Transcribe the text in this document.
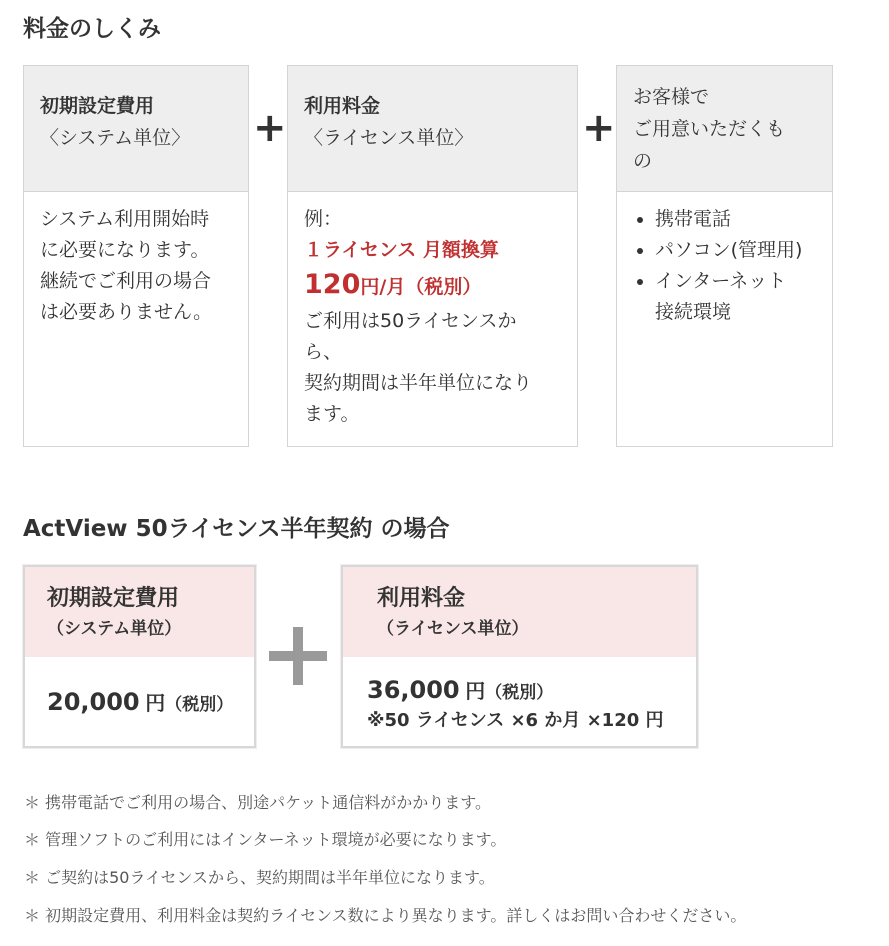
料金のしくみ
初期設定費用
〈システム単位〉
システム利用開始時
に必要になります。
継続でご利用の場合
は必要ありません。
+ 利用料金
〈ライセンス単位〉
例：
１ライセンス 月額換算
120円/月（税別）
ご利用は50ライセンスか
ら、
契約期間は半年単位になり
ます。
+
お客様で
ご用意いただくも
の
• 携帯電話
• パソコン(管理用)
• インターネット
接続環境
ActView 50ライセンス半年契約 の場合
初期設定費用
（システム単位）
20,000 円（税別）
利用料金
（ライセンス単位）
36,000 円（税別）
※50 ライセンス ×6 か月 ×120 円
＊ 携帯電話でご利用の場合、別途パケット通信料がかかります。
＊ 管理ソフトのご利用にはインターネット環境が必要になります。
＊ ご契約は50ライセンスから、契約期間は半年単位になります。
＊ 初期設定費用、利用料金は契約ライセンス数により異なります。詳しくはお問い合わせください。
